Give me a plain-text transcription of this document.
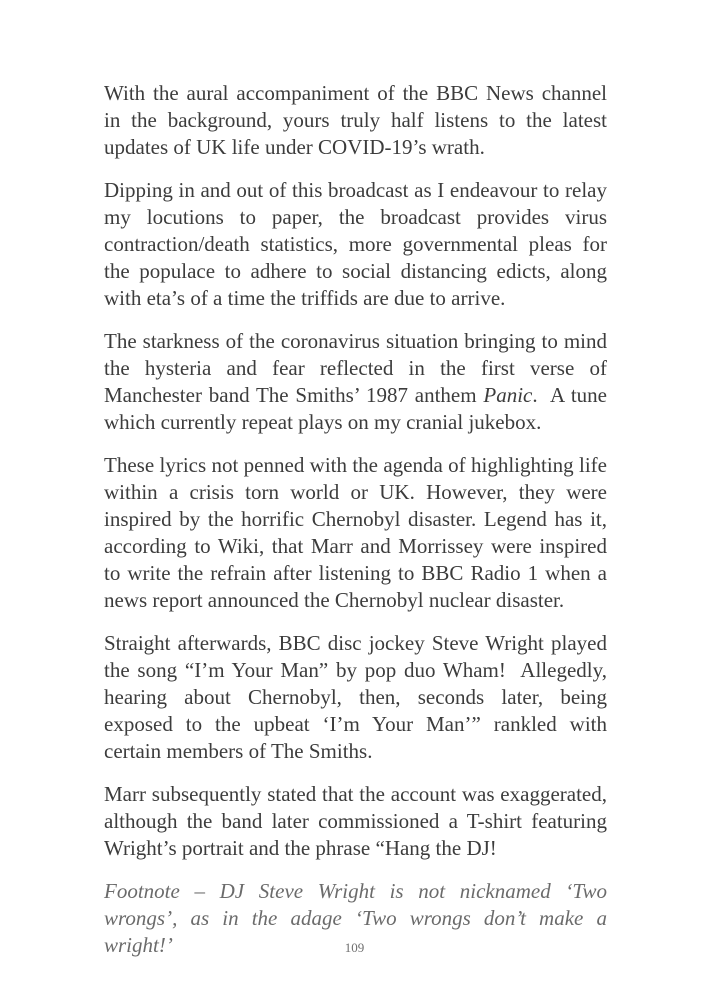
With the aural accompaniment of the BBC News channel in the background, yours truly half listens to the latest updates of UK life under COVID-19’s wrath.

Dipping in and out of this broadcast as I endeavour to relay my locutions to paper, the broadcast provides virus contraction/death statistics, more governmental pleas for the populace to adhere to social distancing edicts, along with eta’s of a time the triffids are due to arrive.

The starkness of the coronavirus situation bringing to mind the hysteria and fear reflected in the first verse of Manchester band The Smiths’ 1987 anthem Panic.  A tune which currently repeat plays on my cranial jukebox.

These lyrics not penned with the agenda of highlighting life within a crisis torn world or UK. However, they were inspired by the horrific Chernobyl disaster. Legend has it, according to Wiki, that Marr and Morrissey were inspired to write the refrain after listening to BBC Radio 1 when a news report announced the Chernobyl nuclear disaster.

Straight afterwards, BBC disc jockey Steve Wright played the song “I’m Your Man” by pop duo Wham!  Allegedly, hearing about Chernobyl, then, seconds later, being exposed to the upbeat ‘I’m Your Man’” rankled with certain members of The Smiths.

Marr subsequently stated that the account was exaggerated, although the band later commissioned a T-shirt featuring Wright’s portrait and the phrase “Hang the DJ!

Footnote – DJ Steve Wright is not nicknamed ‘Two wrongs’, as in the adage ‘Two wrongs don’t make a wright!’	109
